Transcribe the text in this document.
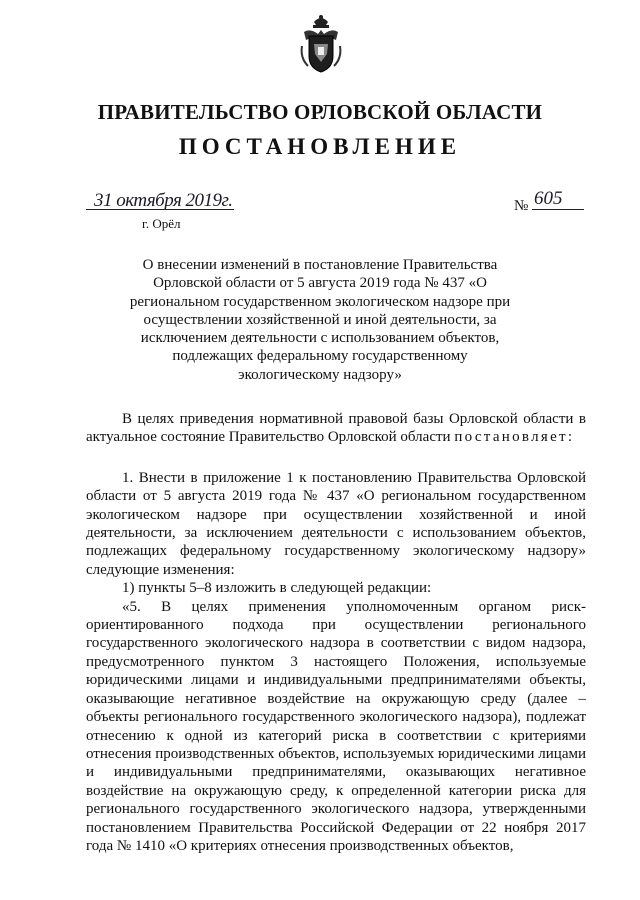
ПРАВИТЕЛЬСТВО ОРЛОВСКОЙ ОБЛАСТИ
ПОСТАНОВЛЕНИЕ
31 октября 2019г.
г. Орёл
№ 605
О внесении изменений в постановление Правительства Орловской области от 5 августа 2019 года № 437 «О региональном государственном экологическом надзоре при осуществлении хозяйственной и иной деятельности, за исключением деятельности с использованием объектов, подлежащих федеральному государственному экологическому надзору»

В целях приведения нормативной правовой базы Орловской области в актуальное состояние Правительство Орловской области постановляет:

1. Внести в приложение 1 к постановлению Правительства Орловской области от 5 августа 2019 года № 437 «О региональном государственном экологическом надзоре при осуществлении хозяйственной и иной деятельности, за исключением деятельности с использованием объектов, подлежащих федеральному государственному экологическому надзору» следующие изменения:

1) пункты 5–8 изложить в следующей редакции:

«5. В целях применения уполномоченным органом риск-ориентированного подхода при осуществлении регионального государственного экологического надзора в соответствии с видом надзора, предусмотренного пунктом 3 настоящего Положения, используемые юридическими лицами и индивидуальными предпринимателями объекты, оказывающие негативное воздействие на окружающую среду (далее – объекты регионального государственного экологического надзора), подлежат отнесению к одной из категорий риска в соответствии с критериями отнесения производственных объектов, используемых юридическими лицами и индивидуальными предпринимателями, оказывающих негативное воздействие на окружающую среду, к определенной категории риска для регионального государственного экологического надзора, утвержденными постановлением Правительства Российской Федерации от 22 ноября 2017 года № 1410 «О критериях отнесения производственных объектов,
